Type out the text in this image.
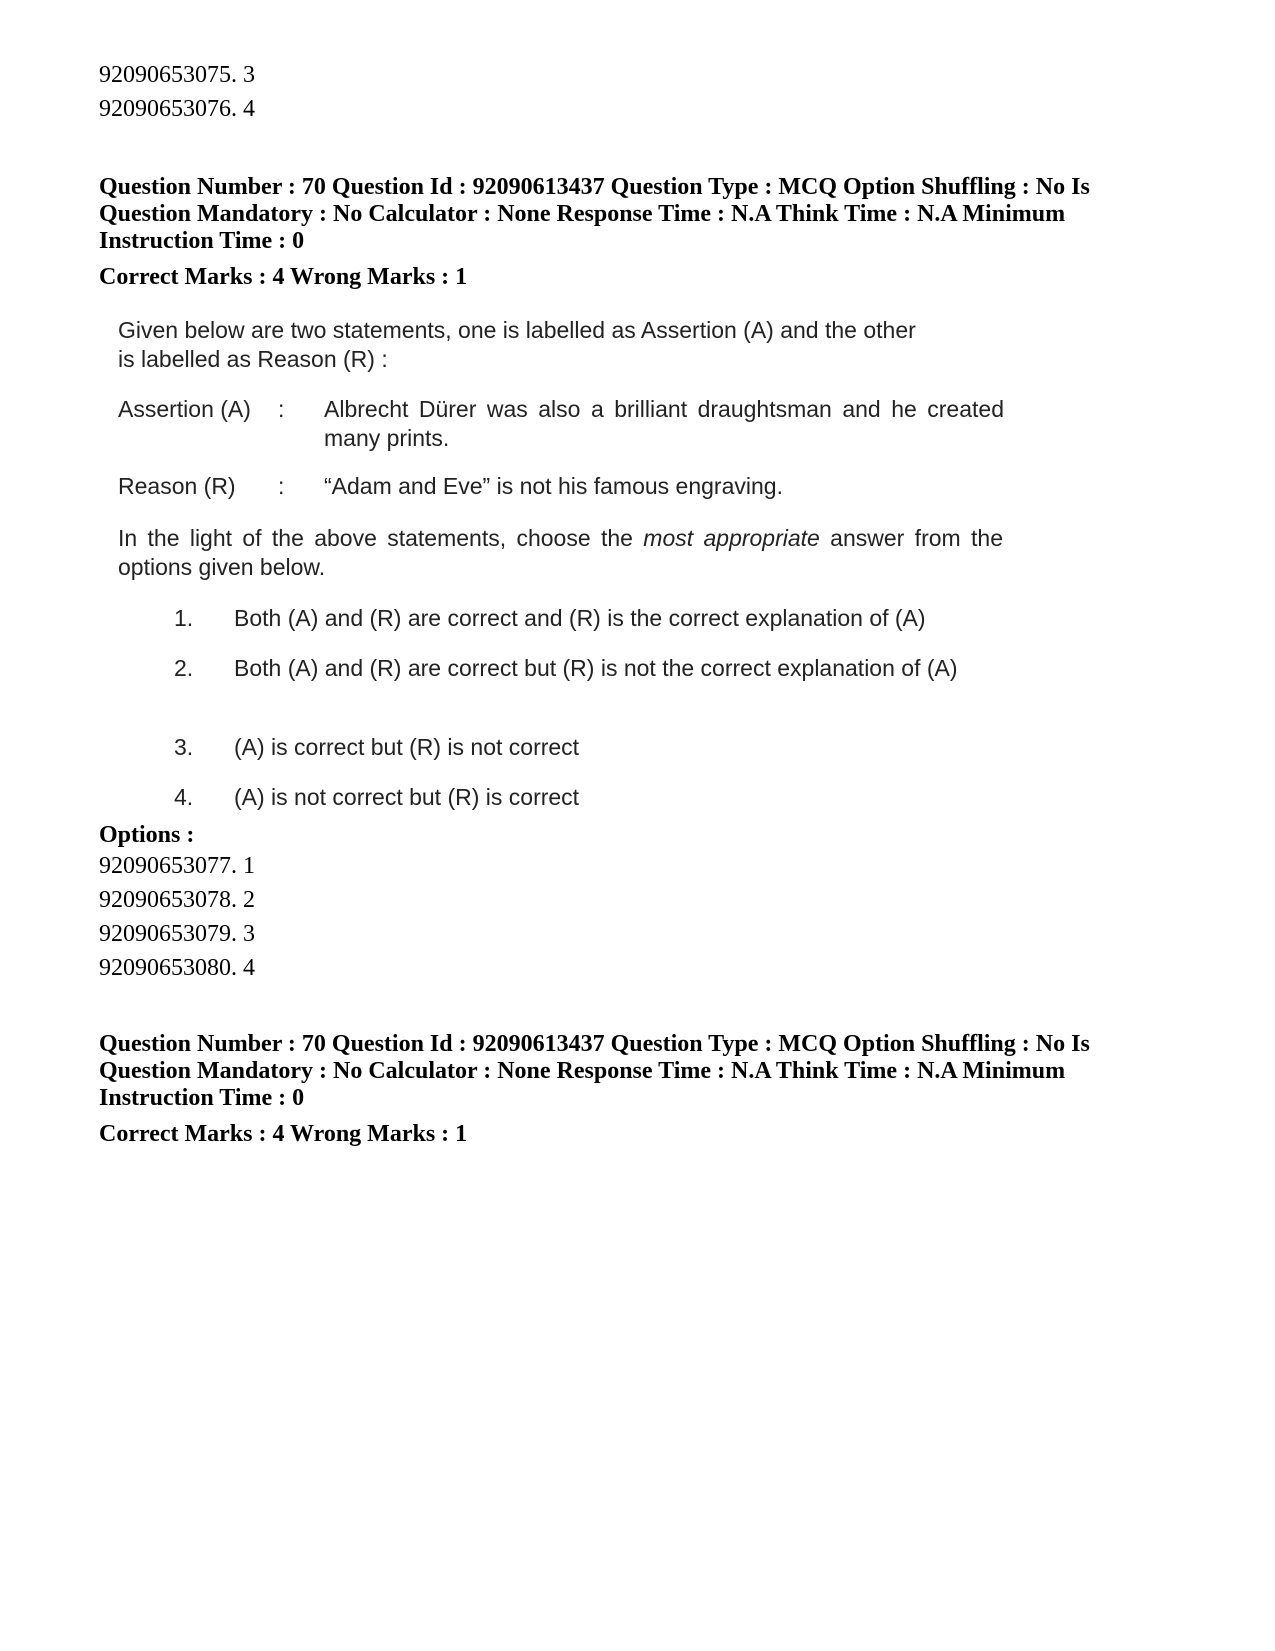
92090653075. 3
92090653076. 4
Question Number : 70 Question Id : 92090613437 Question Type : MCQ Option Shuffling : No Is
Question Mandatory : No Calculator : None Response Time : N.A Think Time : N.A Minimum
Instruction Time : 0
Correct Marks : 4 Wrong Marks : 1
Given below are two statements, one is labelled as Assertion (A) and the other
is labelled as Reason (R) :
Assertion (A)	: Albrecht Dürer was also a brilliant draughtsman and he created many prints.
Reason (R)	: “Adam and Eve” is not his famous engraving.
In the light of the above statements, choose the most appropriate answer from the options given below.
1. Both (A) and (R) are correct and (R) is the correct explanation of (A)
2. Both (A) and (R) are correct but (R) is not the correct explanation of (A)
3. (A) is correct but (R) is not correct
4. (A) is not correct but (R) is correct
Options :
92090653077. 1
92090653078. 2
92090653079. 3
92090653080. 4
Question Number : 70 Question Id : 92090613437 Question Type : MCQ Option Shuffling : No Is
Question Mandatory : No Calculator : None Response Time : N.A Think Time : N.A Minimum
Instruction Time : 0
Correct Marks : 4 Wrong Marks : 1
